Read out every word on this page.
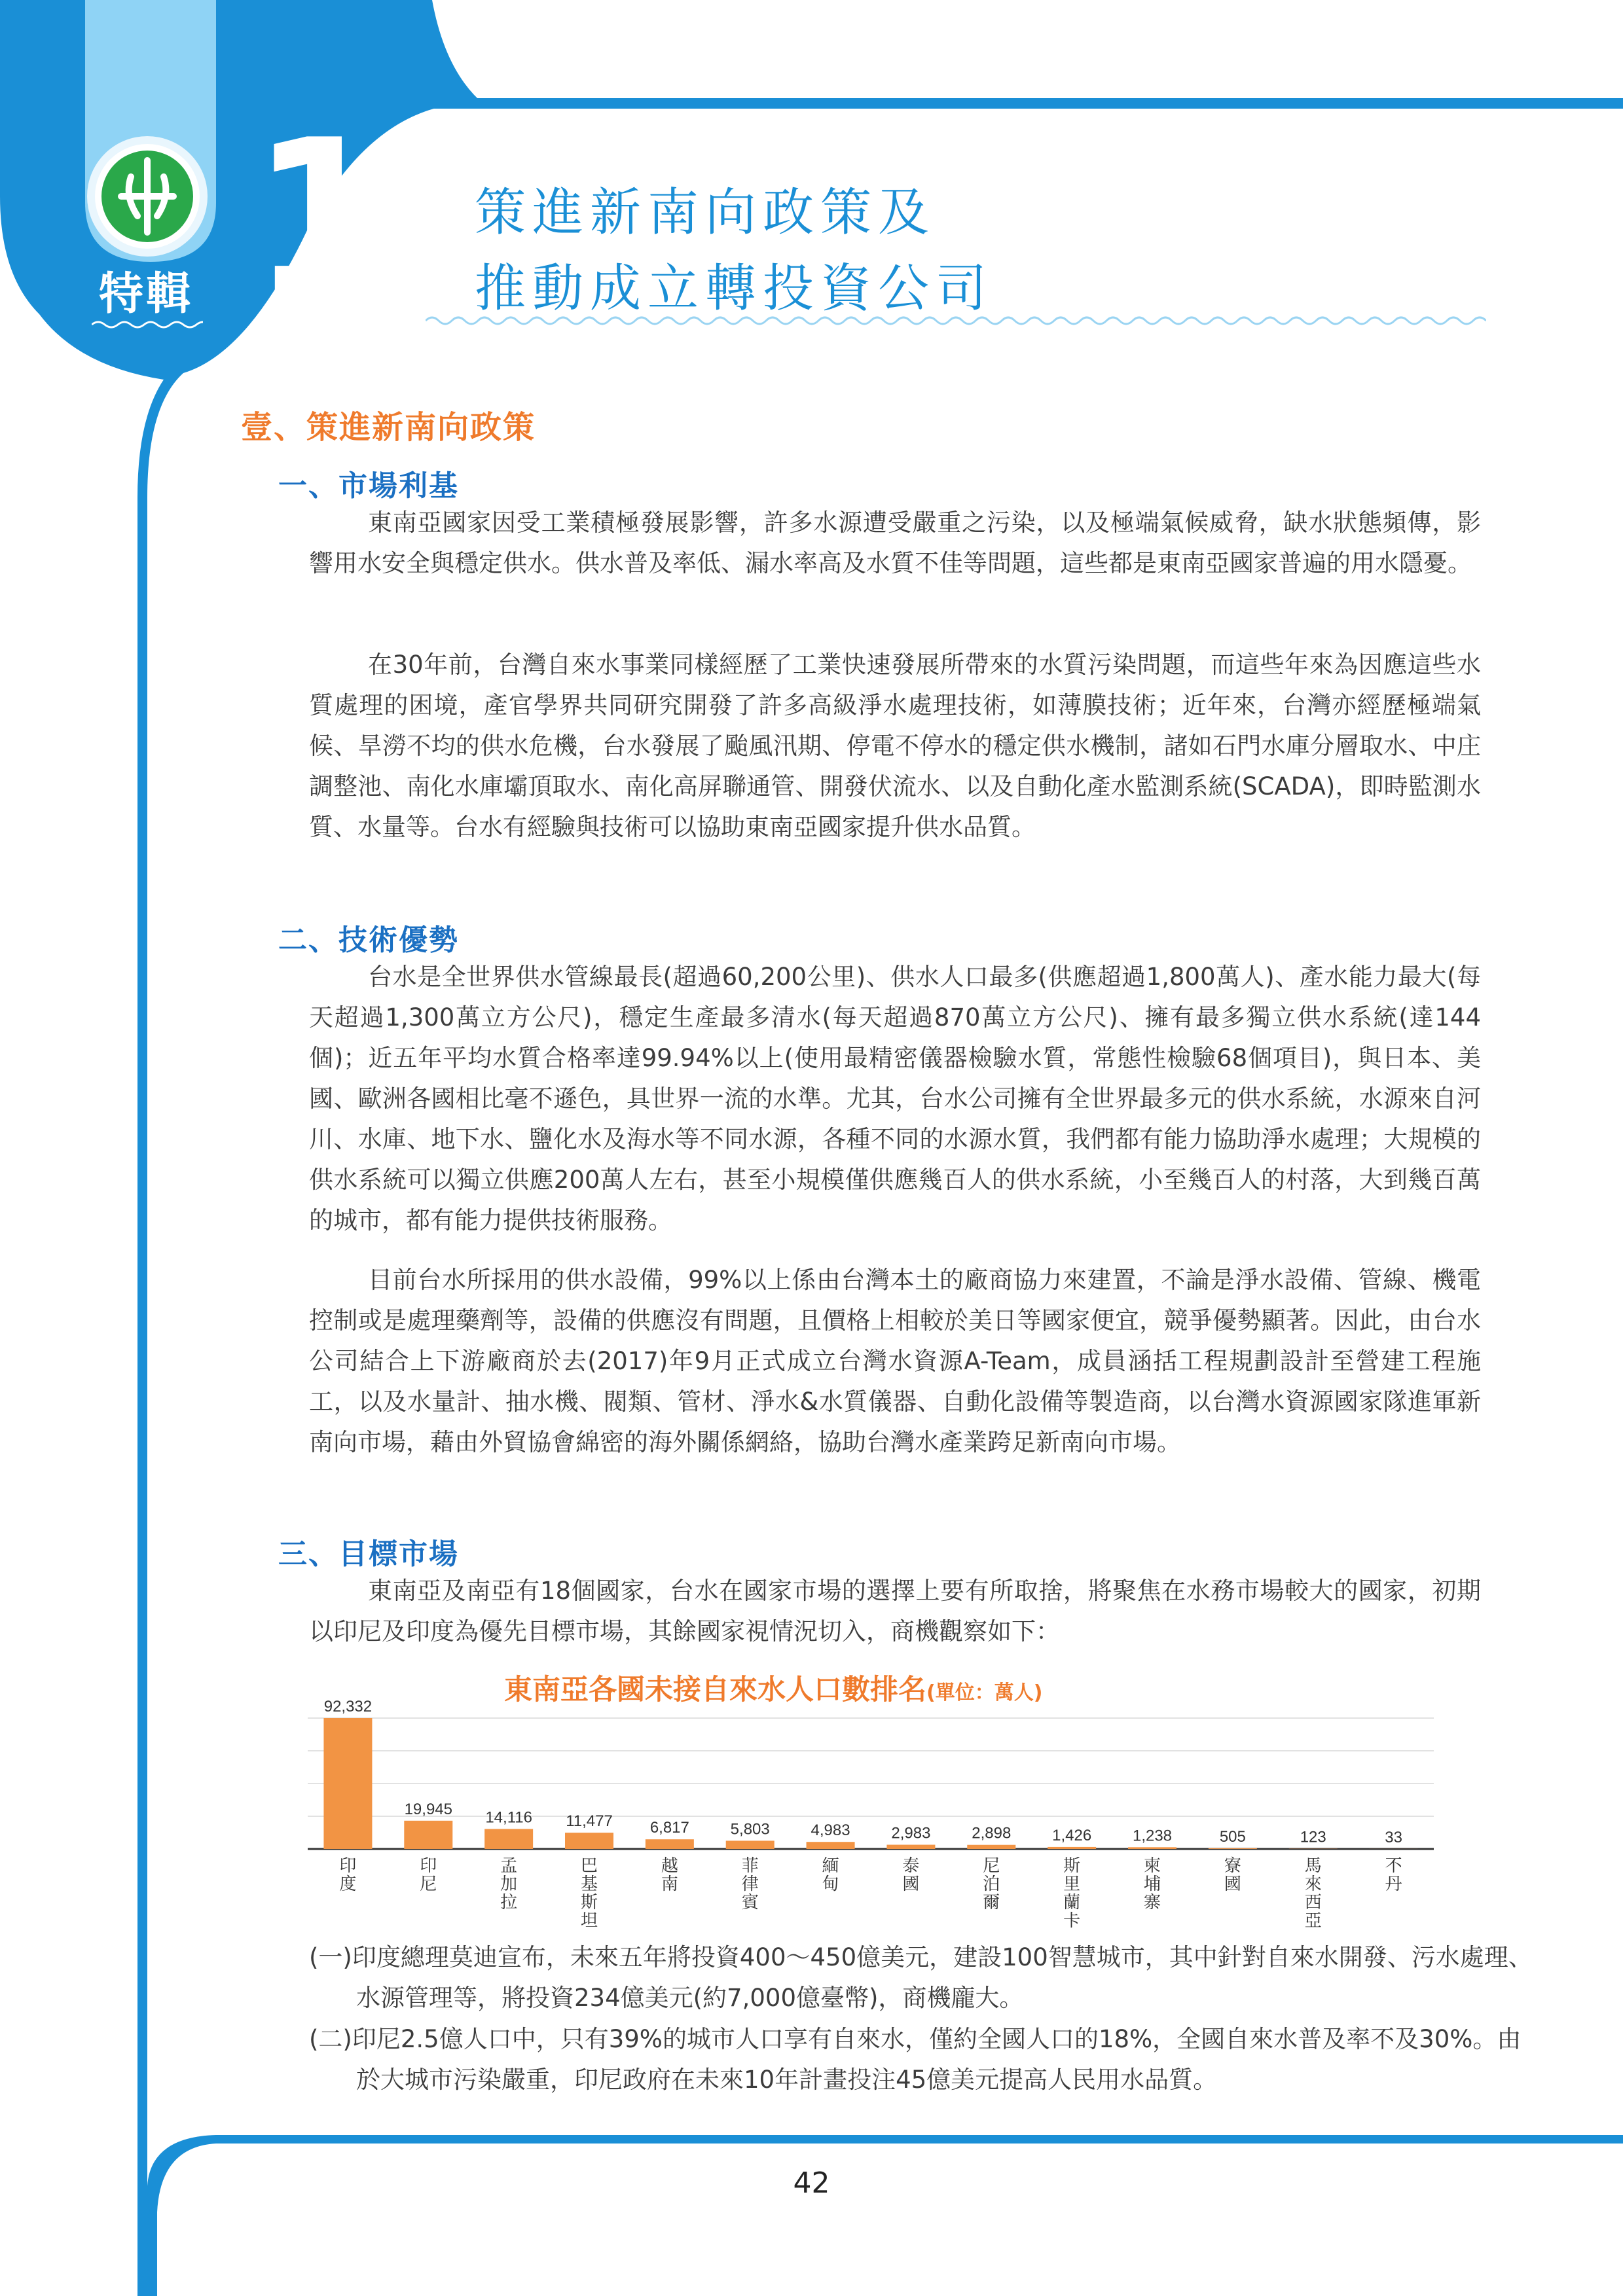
特輯 1 策進新南向政策及
推動成立轉投資公司
壹、策進新南向政策
一、市場利基

東南亞國家因受工業積極發展影響，許多水源遭受嚴重之污染，以及極端氣候威脅，缺水狀態頻傳，影響用水安全與穩定供水。供水普及率低、漏水率高及水質不佳等問題，這些都是東南亞國家普遍的用水隱憂。

在30年前，台灣自來水事業同樣經歷了工業快速發展所帶來的水質污染問題，而這些年來為因應這些水質處理的困境，產官學界共同研究開發了許多高級淨水處理技術，如薄膜技術；近年來，台灣亦經歷極端氣候、旱澇不均的供水危機，台水發展了颱風汛期、停電不停水的穩定供水機制，諸如石門水庫分層取水、中庄調整池、南化水庫壩頂取水、南化高屏聯通管、開發伏流水、以及自動化產水監測系統(SCADA)，即時監測水質、水量等。台水有經驗與技術可以協助東南亞國家提升供水品質。

二、技術優勢

台水是全世界供水管線最長(超過60,200公里)、供水人口最多(供應超過1,800萬人)、產水能力最大(每天超過1,300萬立方公尺)，穩定生產最多清水(每天超過870萬立方公尺)、擁有最多獨立供水系統(達144個)；近五年平均水質合格率達99.94%以上(使用最精密儀器檢驗水質，常態性檢驗68個項目)，與日本、美國、歐洲各國相比毫不遜色，具世界一流的水準。尤其，台水公司擁有全世界最多元的供水系統，水源來自河川、水庫、地下水、鹽化水及海水等不同水源，各種不同的水源水質，我們都有能力協助淨水處理；大規模的供水系統可以獨立供應200萬人左右，甚至小規模僅供應幾百人的供水系統，小至幾百人的村落，大到幾百萬的城市，都有能力提供技術服務。

目前台水所採用的供水設備，99%以上係由台灣本土的廠商協力來建置，不論是淨水設備、管線、機電控制或是處理藥劑等，設備的供應沒有問題，且價格上相較於美日等國家便宜，競爭優勢顯著。因此，由台水公司結合上下游廠商於去(2017)年9月正式成立台灣水資源A-Team，成員涵括工程規劃設計至營建工程施工，以及水量計、抽水機、閥類、管材、淨水&水質儀器、自動化設備等製造商，以台灣水資源國家隊進軍新南向市場，藉由外貿協會綿密的海外關係網絡，協助台灣水產業跨足新南向市場。

三、目標市場

東南亞及南亞有18個國家，台水在國家市場的選擇上要有所取捨，將聚焦在水務市場較大的國家，初期以印尼及印度為優先目標市場，其餘國家視情況切入，商機觀察如下：

東南亞各國未接自來水人口數排名(單位：萬人)
92,332
印度
19,945
印尼
14,116
孟加拉
11,477
巴基斯坦
6,817
越南
5,803
菲律賓
4,983
緬甸
2,983
泰國
2,898
尼泊爾
1,426
斯里蘭卡
1,238
柬埔寨
505
寮國
123
馬來西亞
33
不丹

(一)印度總理莫迪宣布，未來五年將投資400～450億美元，建設100智慧城市，其中針對自來水開發、污水處理、水源管理等，將投資234億美元(約7,000億臺幣)，商機龐大。

(二)印尼2.5億人口中，只有39%的城市人口享有自來水，僅約全國人口的18%，全國自來水普及率不及30%。由於大城市污染嚴重，印尼政府在未來10年計畫投注45億美元提高人民用水品質。

42
